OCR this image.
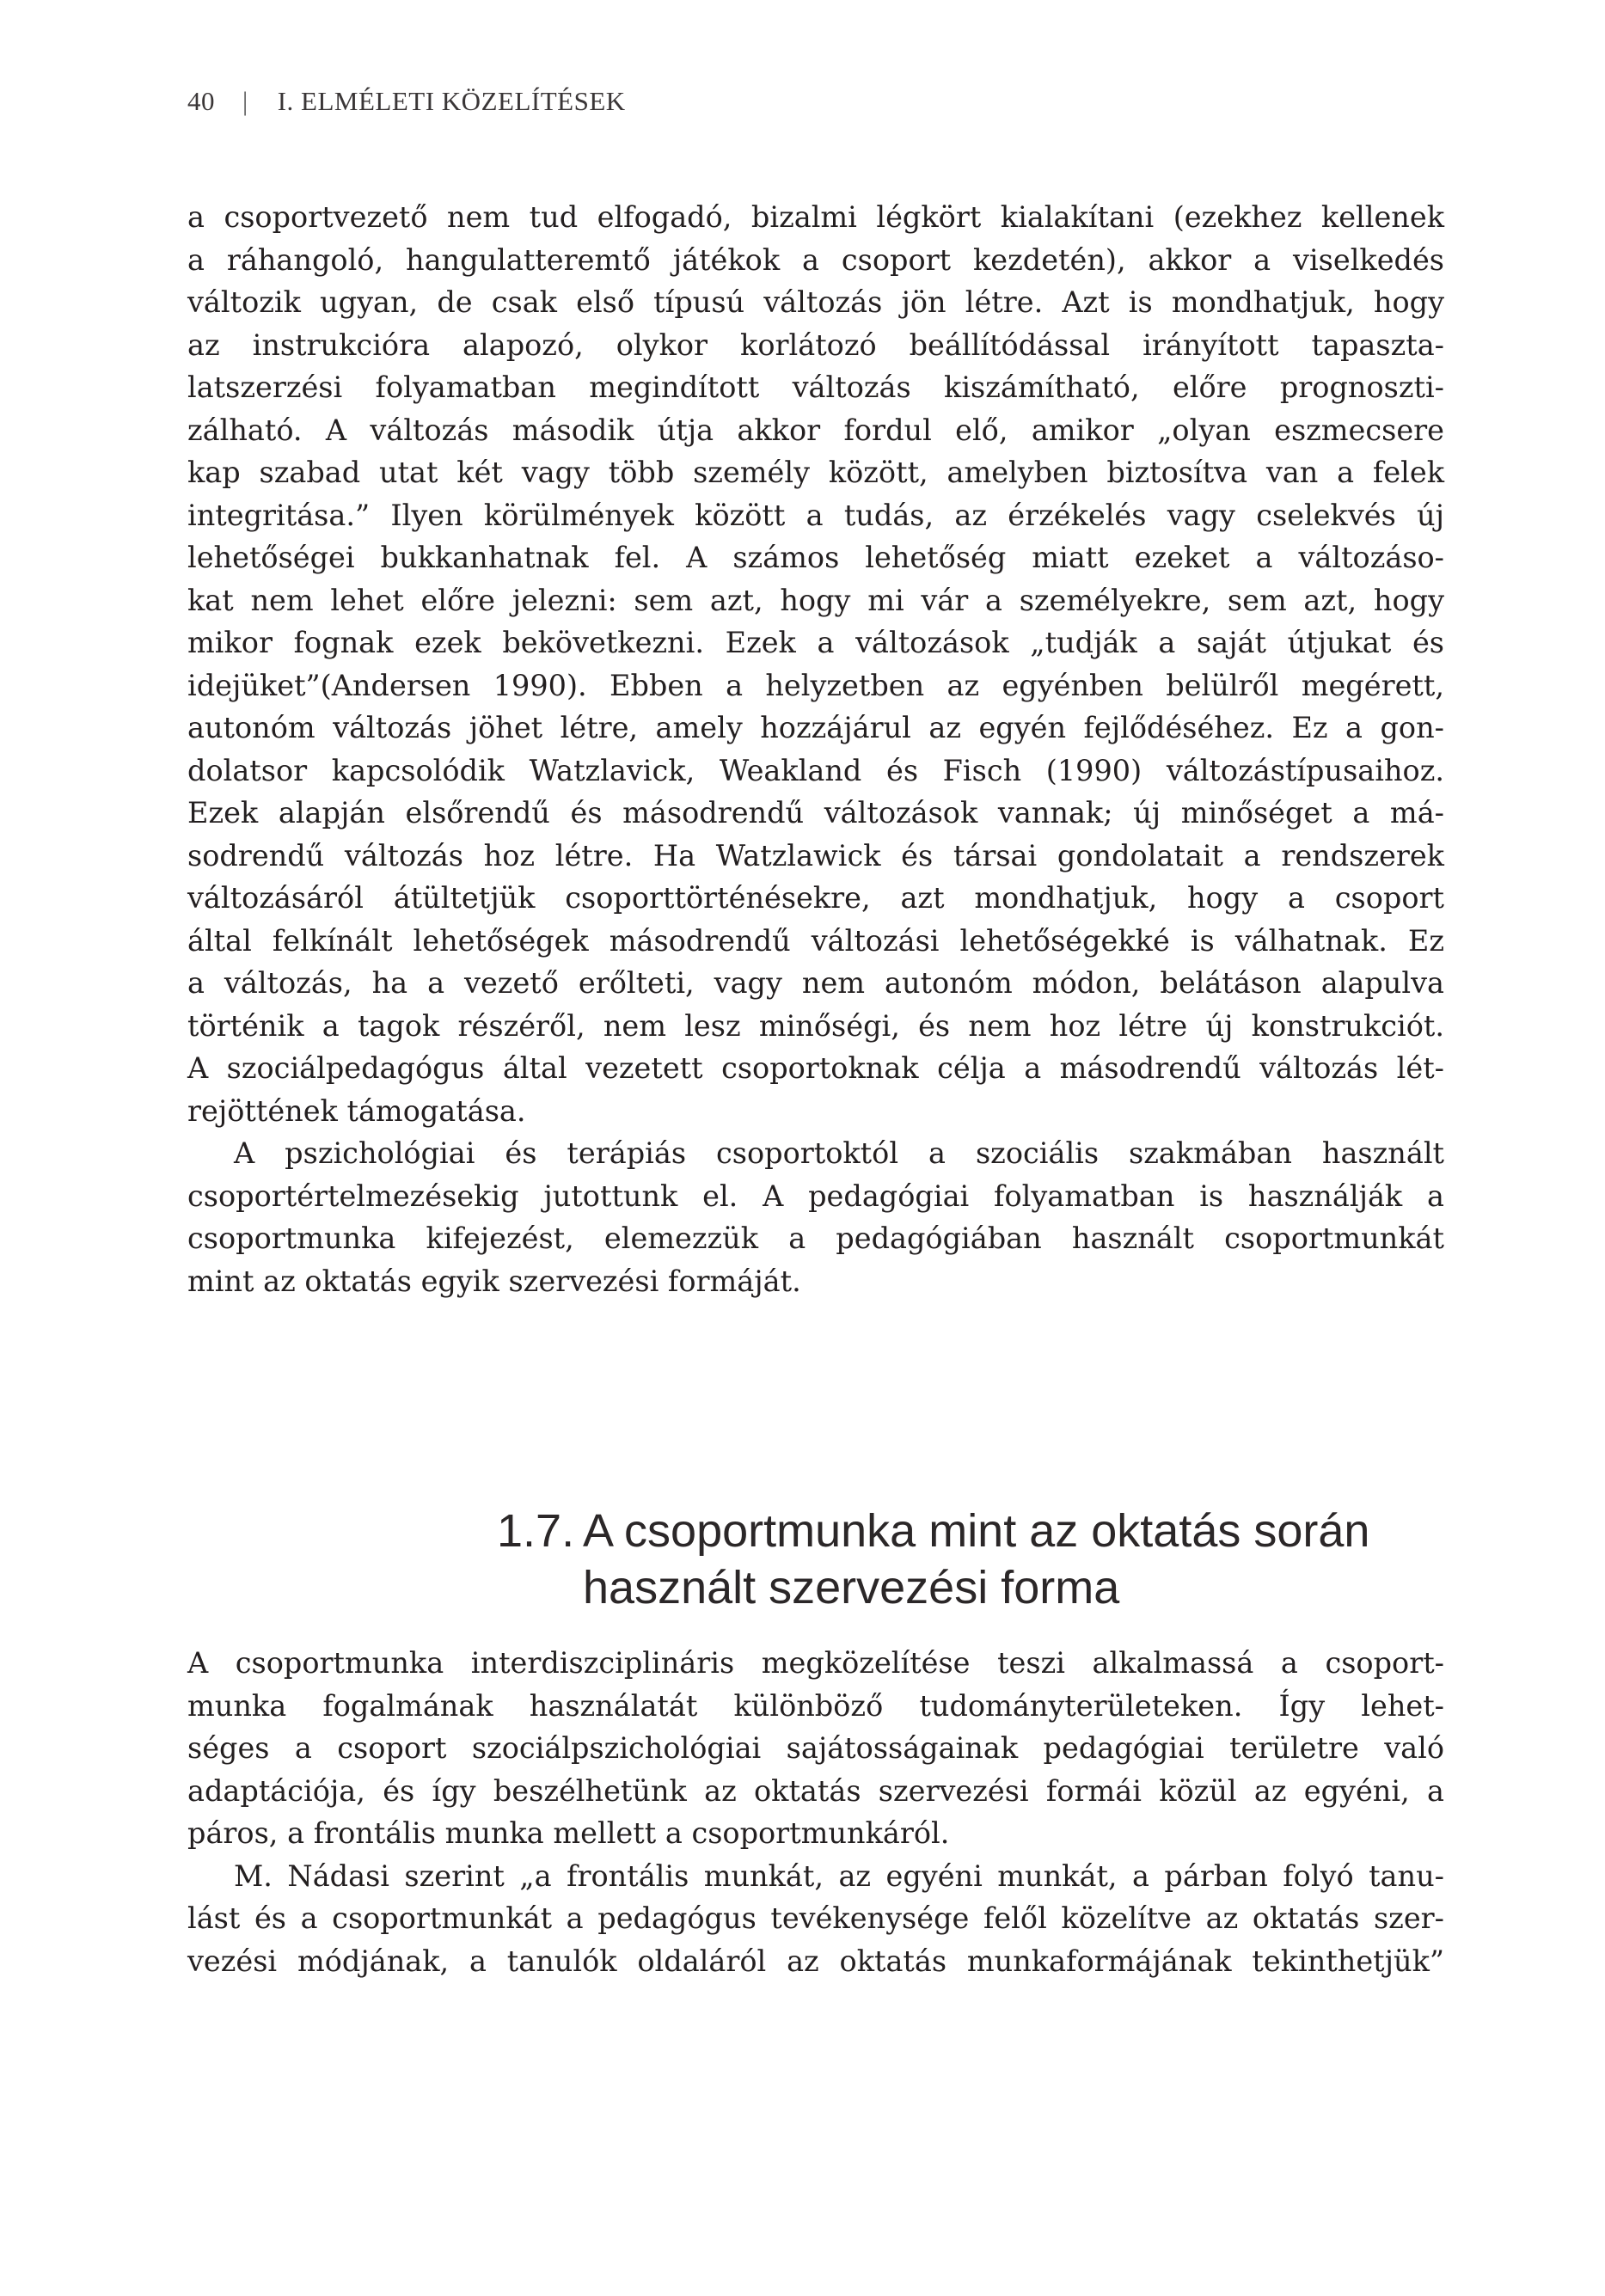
40 | I. ELMÉLETI KÖZELÍTÉSEK
a csoportvezető nem tud elfogadó, bizalmi légkört kialakítani (ezekhez kellenek
a ráhangoló, hangulatteremtő játékok a csoport kezdetén), akkor a viselkedés
változik ugyan, de csak első típusú változás jön létre. Azt is mondhatjuk, hogy
az instrukcióra alapozó, olykor korlátozó beállítódással irányított tapaszta-
latszerzési folyamatban megindított változás kiszámítható, előre prognoszti-
zálható. A változás második útja akkor fordul elő, amikor „olyan eszmecsere
kap szabad utat két vagy több személy között, amelyben biztosítva van a felek
integritása.” Ilyen körülmények között a tudás, az érzékelés vagy cselekvés új
lehetőségei bukkanhatnak fel. A számos lehetőség miatt ezeket a változáso-
kat nem lehet előre jelezni: sem azt, hogy mi vár a személyekre, sem azt, hogy
mikor fognak ezek bekövetkezni. Ezek a változások „tudják a saját útjukat és
idejüket”(Andersen 1990). Ebben a helyzetben az egyénben belülről megérett,
autonóm változás jöhet létre, amely hozzájárul az egyén fejlődéséhez. Ez a gon-
dolatsor kapcsolódik Watzlavick, Weakland és Fisch (1990) változástípusaihoz.
Ezek alapján elsőrendű és másodrendű változások vannak; új minőséget a má-
sodrendű változás hoz létre. Ha Watzlawick és társai gondolatait a rendszerek
változásáról átültetjük csoporttörténésekre, azt mondhatjuk, hogy a csoport
által felkínált lehetőségek másodrendű változási lehetőségekké is válhatnak. Ez
a változás, ha a vezető erőlteti, vagy nem autonóm módon, belátáson alapulva
történik a tagok részéről, nem lesz minőségi, és nem hoz létre új konstrukciót.
A szociálpedagógus által vezetett csoportoknak célja a másodrendű változás lét-
rejöttének támogatása.
A pszichológiai és terápiás csoportoktól a szociális szakmában használt
csoportértelmezésekig jutottunk el. A pedagógiai folyamatban is használják a
csoportmunka kifejezést, elemezzük a pedagógiában használt csoportmunkát
mint az oktatás egyik szervezési formáját.
1.7. A csoportmunka mint az oktatás során
használt szervezési forma
A csoportmunka interdiszciplináris megközelítése teszi alkalmassá a csoport-
munka fogalmának használatát különböző tudományterületeken. Így lehet-
séges a csoport szociálpszichológiai sajátosságainak pedagógiai területre való
adaptációja, és így beszélhetünk az oktatás szervezési formái közül az egyéni, a
páros, a frontális munka mellett a csoportmunkáról.
M. Nádasi szerint „a frontális munkát, az egyéni munkát, a párban folyó tanu-
lást és a csoportmunkát a pedagógus tevékenysége felől közelítve az oktatás szer-
vezési módjának, a tanulók oldaláról az oktatás munkaformájának tekinthetjük”
